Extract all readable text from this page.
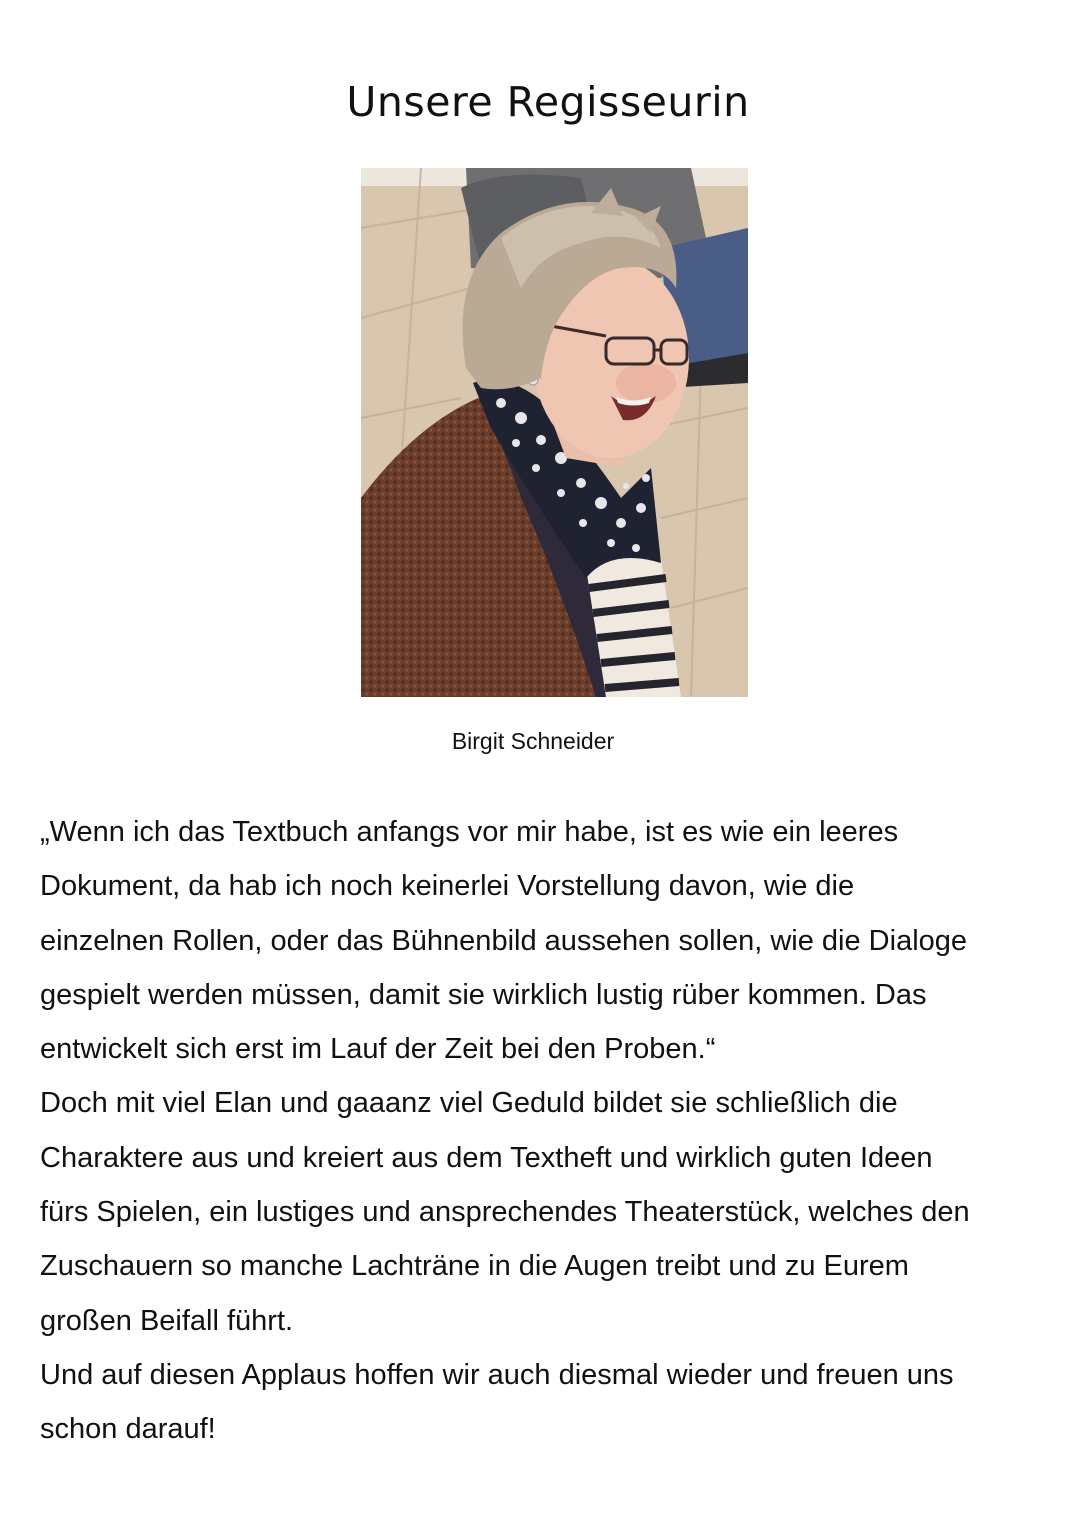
Unsere Regisseurin
Birgit Schneider
„Wenn ich das Textbuch anfangs vor mir habe, ist es wie ein leeres
Dokument, da hab ich noch keinerlei Vorstellung davon, wie die
einzelnen Rollen, oder das Bühnenbild aussehen sollen, wie die Dialoge
gespielt werden müssen, damit sie wirklich lustig rüber kommen. Das
entwickelt sich erst im Lauf der Zeit bei den Proben.“
Doch mit viel Elan und gaaanz viel Geduld bildet sie schließlich die
Charaktere aus und kreiert aus dem Textheft und wirklich guten Ideen
fürs Spielen, ein lustiges und ansprechendes Theaterstück, welches den
Zuschauern so manche Lachträne in die Augen treibt und zu Eurem
großen Beifall führt.
Und auf diesen Applaus hoffen wir auch diesmal wieder und freuen uns
schon darauf!
